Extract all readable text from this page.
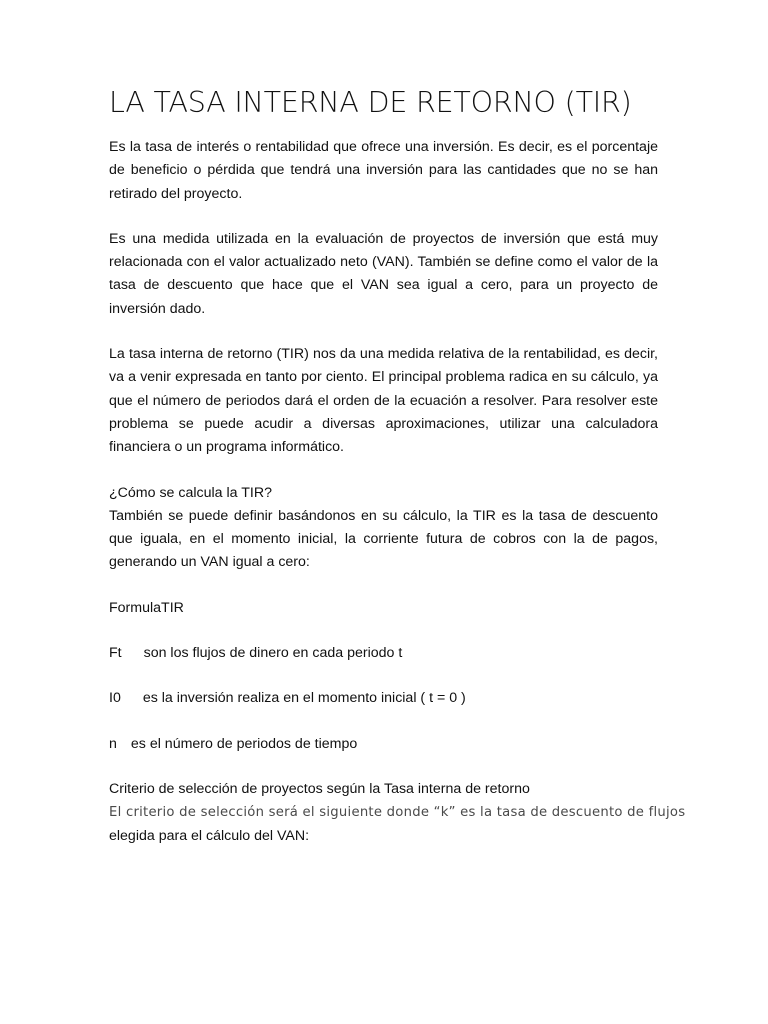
LA TASA INTERNA DE RETORNO (TIR)

Es la tasa de interés o rentabilidad que ofrece una inversión. Es decir, es el porcentaje de beneficio o pérdida que tendrá una inversión para las cantidades que no se han retirado del proyecto.

Es una medida utilizada en la evaluación de proyectos de inversión que está muy relacionada con el valor actualizado neto (VAN). También se define como el valor de la tasa de descuento que hace que el VAN sea igual a cero, para un proyecto de inversión dado.

La tasa interna de retorno (TIR) nos da una medida relativa de la rentabilidad, es decir, va a venir expresada en tanto por ciento. El principal problema radica en su cálculo, ya que el número de periodos dará el orden de la ecuación a resolver. Para resolver este problema se puede acudir a diversas aproximaciones, utilizar una calculadora financiera o un programa informático.

¿Cómo se calcula la TIR?

También se puede definir basándonos en su cálculo, la TIR es la tasa de descuento que iguala, en el momento inicial, la corriente futura de cobros con la de pagos, generando un VAN igual a cero:

FormulaTIR

Ft son los flujos de dinero en cada periodo t

I0 es la inversión realiza en el momento inicial ( t = 0 )

n es el número de periodos de tiempo

Criterio de selección de proyectos según la Tasa interna de retorno

El criterio de selección será el siguiente donde “k” es la tasa de descuento de flujos

elegida para el cálculo del VAN:
